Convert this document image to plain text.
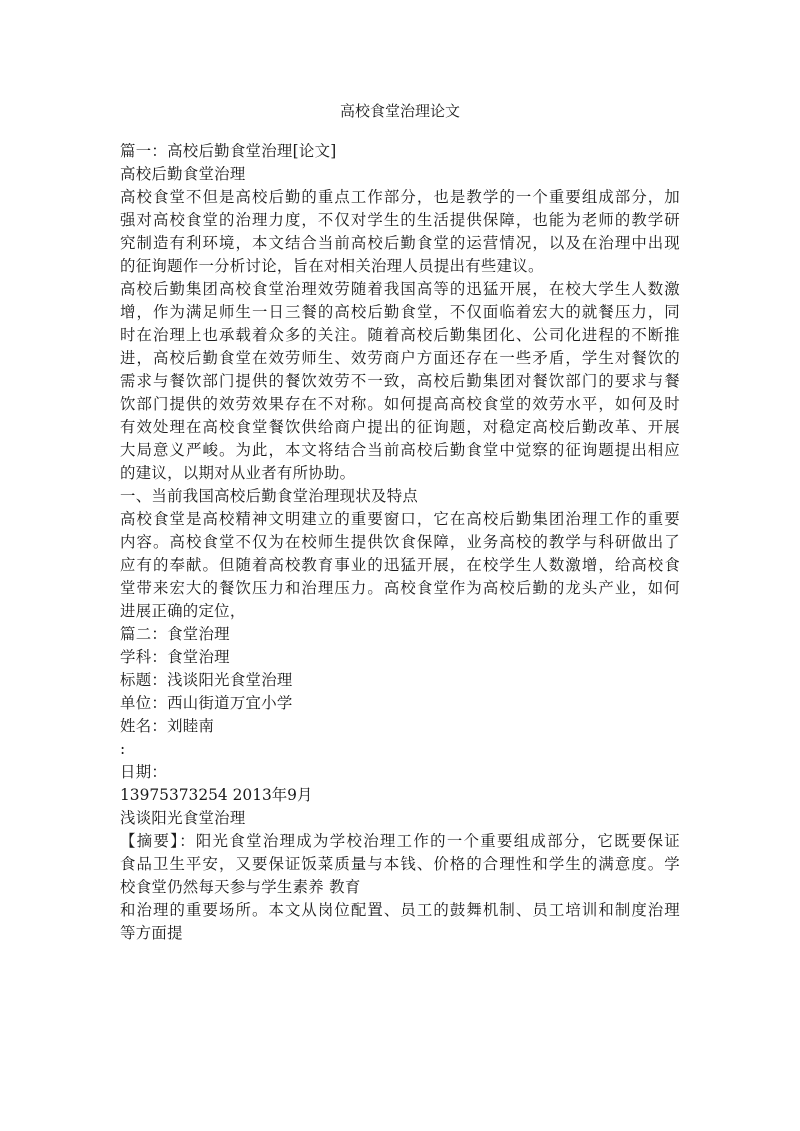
高校食堂治理论文
篇一：高校后勤食堂治理[论文]
高校后勤食堂治理
高校食堂不但是高校后勤的重点工作部分，也是教学的一个重要组成部分，加
强对高校食堂的治理力度，不仅对学生的生活提供保障，也能为老师的教学研
究制造有利环境，本文结合当前高校后勤食堂的运营情况，以及在治理中出现
的征询题作一分析讨论，旨在对相关治理人员提出有些建议。
高校后勤集团高校食堂治理效劳随着我国高等的迅猛开展，在校大学生人数激
增，作为满足师生一日三餐的高校后勤食堂，不仅面临着宏大的就餐压力，同
时在治理上也承载着众多的关注。随着高校后勤集团化、公司化进程的不断推
进，高校后勤食堂在效劳师生、效劳商户方面还存在一些矛盾，学生对餐饮的
需求与餐饮部门提供的餐饮效劳不一致，高校后勤集团对餐饮部门的要求与餐
饮部门提供的效劳效果存在不对称。如何提高高校食堂的效劳水平，如何及时
有效处理在高校食堂餐饮供给商户提出的征询题，对稳定高校后勤改革、开展
大局意义严峻。为此，本文将结合当前高校后勤食堂中觉察的征询题提出相应
的建议，以期对从业者有所协助。
一、当前我国高校后勤食堂治理现状及特点
高校食堂是高校精神文明建立的重要窗口，它在高校后勤集团治理工作的重要
内容。高校食堂不仅为在校师生提供饮食保障，业务高校的教学与科研做出了
应有的奉献。但随着高校教育事业的迅猛开展，在校学生人数激增，给高校食
堂带来宏大的餐饮压力和治理压力。高校食堂作为高校后勤的龙头产业，如何
进展正确的定位，
篇二：食堂治理
学科：食堂治理
标题：浅谈阳光食堂治理
单位：西山街道万宜小学
姓名：刘睦南
:
日期：
13975373254 2013年9月
浅谈阳光食堂治理
【摘要】：阳光食堂治理成为学校治理工作的一个重要组成部分，它既要保证
食品卫生平安，又要保证饭菜质量与本钱、价格的合理性和学生的满意度。学
校食堂仍然每天参与学生素养 教育
和治理的重要场所。本文从岗位配置、员工的鼓舞机制、员工培训和制度治理
等方面提
